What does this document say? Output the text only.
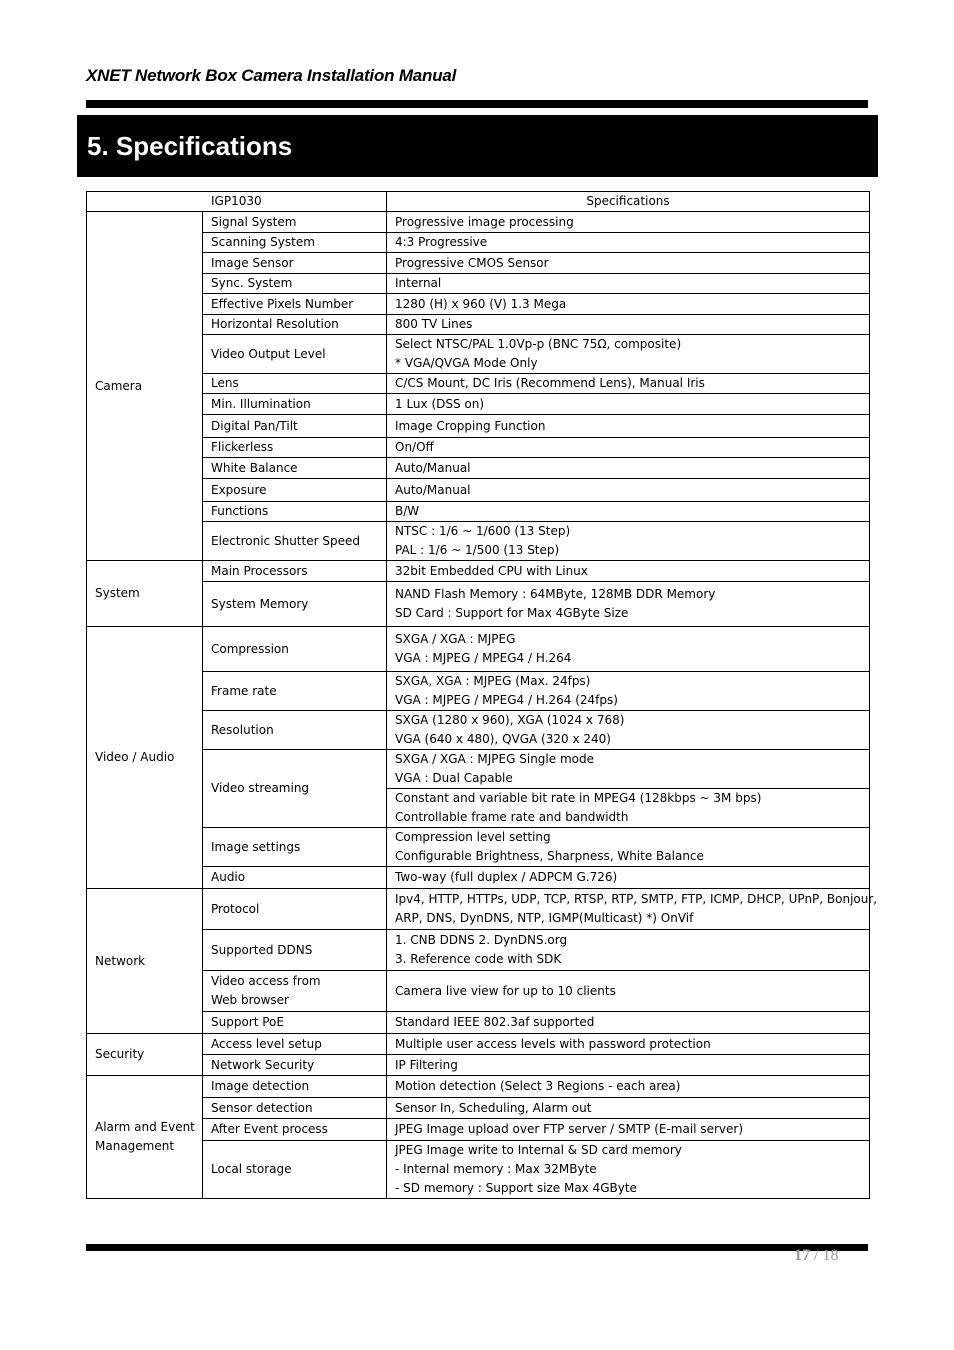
XNET Network Box Camera Installation Manual
5. Specifications
IGP1030		Specifications
Camera	Signal System	Progressive image processing
	Scanning System	4:3 Progressive
	Image Sensor	Progressive CMOS Sensor
	Sync. System	Internal
	Effective Pixels Number	1280 (H) x 960 (V) 1.3 Mega
	Horizontal Resolution	800 TV Lines
	Video Output Level	Select NTSC/PAL 1.0Vp-p (BNC 75Ω, composite)
* VGA/QVGA Mode Only

	Lens	C/CS Mount, DC Iris (Recommend Lens), Manual Iris
	Min. Illumination	1 Lux (DSS on)
	Digital Pan/Tilt	Image Cropping Function
	Flickerless	On/Off
	White Balance	Auto/Manual
	Exposure	Auto/Manual
	Functions	B/W
	Electronic Shutter Speed	NTSC : 1/6 ~ 1/600 (13 Step)
PAL : 1/6 ~ 1/500 (13 Step)

System	Main Processors	32bit Embedded CPU with Linux
	System Memory	NAND Flash Memory : 64MByte, 128MB DDR Memory
SD Card : Support for Max 4GByte Size

Video / Audio	Compression	SXGA / XGA : MJPEG
VGA : MJPEG / MPEG4 / H.264

	Frame rate	SXGA, XGA : MJPEG (Max. 24fps)
VGA : MJPEG / MPEG4 / H.264 (24fps)

	Resolution	SXGA (1280 x 960), XGA (1024 x 768)
VGA (640 x 480), QVGA (320 x 240)

	Video streaming	SXGA / XGA : MJPEG Single mode
VGA : Dual Capable

		Constant and variable bit rate in MPEG4 (128kbps ~ 3M bps)
Controllable frame rate and bandwidth

	Image settings	Compression level setting
Configurable Brightness, Sharpness, White Balance

	Audio	Two-way (full duplex / ADPCM G.726)
Network	Protocol	Ipv4, HTTP, HTTPs, UDP, TCP, RTSP, RTP, SMTP, FTP, ICMP, DHCP, UPnP, Bonjour,
ARP, DNS, DynDNS, NTP, IGMP(Multicast) *) OnVif

	Supported DDNS	1. CNB DDNS 2. DynDNS.org
3. Reference code with SDK

	Video access from
Web browser	Camera live view for up to 10 clients
	Support PoE	Standard IEEE 802.3af supported
Security	Access level setup	Multiple user access levels with password protection
	Network Security	IP Filtering

Alarm and Event
Management	Image detection	Motion detection (Select 3 Regions - each area)
	Sensor detection	Sensor In, Scheduling, Alarm out
	After Event process	JPEG Image upload over FTP server / SMTP (E-mail server)
	Local storage	JPEG Image write to Internal & SD card memory
- Internal memory : Max 32MByte
- SD memory : Support size Max 4GByte
17 / 18
